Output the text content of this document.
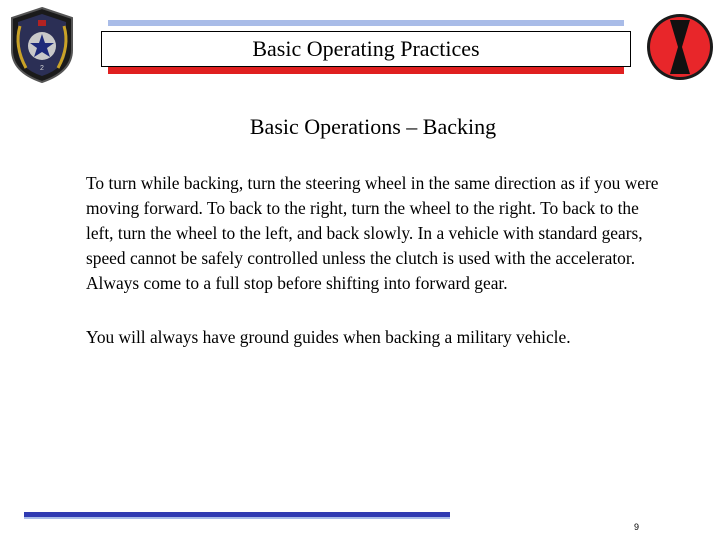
2
Basic Operating Practices
Basic Operations – Backing

To turn while backing, turn the steering wheel in the same direction as if you were moving forward. To back to the right, turn the wheel to the right. To back to the left, turn the wheel to the left, and back slowly. In a vehicle with standard gears, speed cannot be safely controlled unless the clutch is used with the accelerator. Always come to a full stop before shifting into forward gear.

You will always have ground guides when backing a military vehicle.

9
